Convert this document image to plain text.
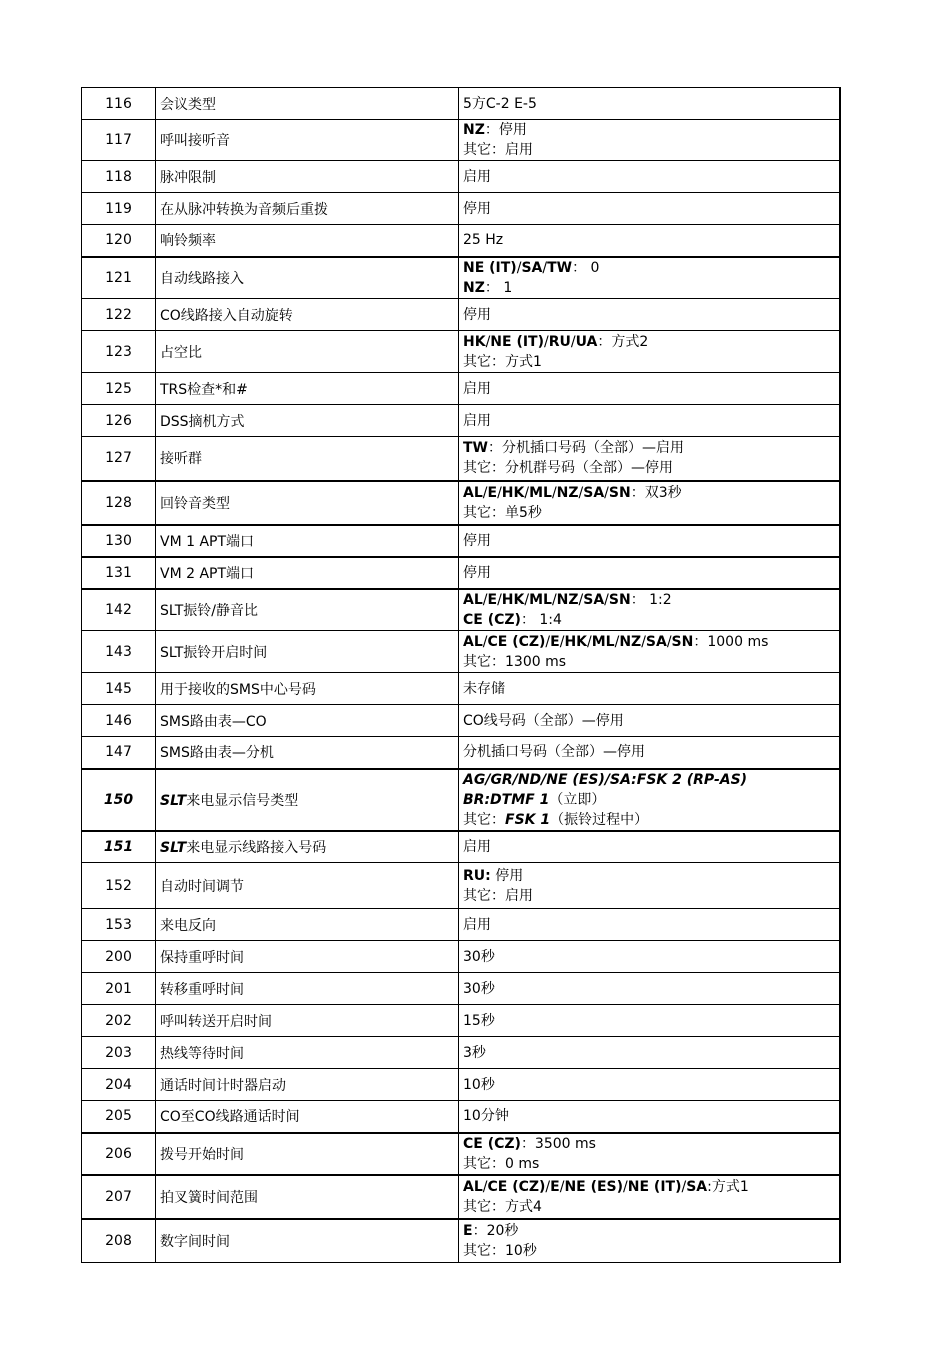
116	会议类型	5方C-2 E-5

117	呼叫接听音	NZ：停用
其它：启用

118	脉冲限制	启用

119	在从脉冲转换为音频后重拨	停用

120	响铃频率	25 Hz

121	自动线路接入	NE (IT)/SA/TW： 0
NZ： 1

122	CO线路接入自动旋转	停用

123	占空比	HK/NE (IT)/RU/UA：方式2
其它：方式1

125	TRS检查*和#	启用

126	DSS摘机方式	启用

127	接听群	TW：分机插口号码（全部）—启用
其它：分机群号码（全部）—停用

128	回铃音类型	AL/E/HK/ML/NZ/SA/SN：双3秒
其它：单5秒

130	VM 1 APT端口	停用

131	VM 2 APT端口	停用

142	SLT振铃/静音比	AL/E/HK/ML/NZ/SA/SN： 1:2
CE (CZ)： 1:4

143	SLT振铃开启时间	AL/CE (CZ)/E/HK/ML/NZ/SA/SN：1000 ms
其它：1300 ms

145	用于接收的SMS中心号码	未存储

146	SMS路由表—CO	CO线号码（全部）—停用

147	SMS路由表—分机	分机插口号码（全部）—停用

150	SLT来电显示信号类型	AG/GR/ND/NE (ES)/SA:FSK 2 (RP-AS)
BR:DTMF 1（立即）
其它：FSK 1（振铃过程中）

151	SLT来电显示线路接入号码	启用

152	自动时间调节	RU: 停用
其它：启用

153	来电反向	启用

200	保持重呼时间	30秒

201	转移重呼时间	30秒

202	呼叫转送开启时间	15秒

203	热线等待时间	3秒

204	通话时间计时器启动	10秒

205	CO至CO线路通话时间	10分钟

206	拨号开始时间	CE (CZ)：3500 ms
其它：0 ms

207	拍叉簧时间范围	AL/CE (CZ)/E/NE (ES)/NE (IT)/SA:方式1
其它：方式4

208	数字间时间	E：20秒
其它：10秒
